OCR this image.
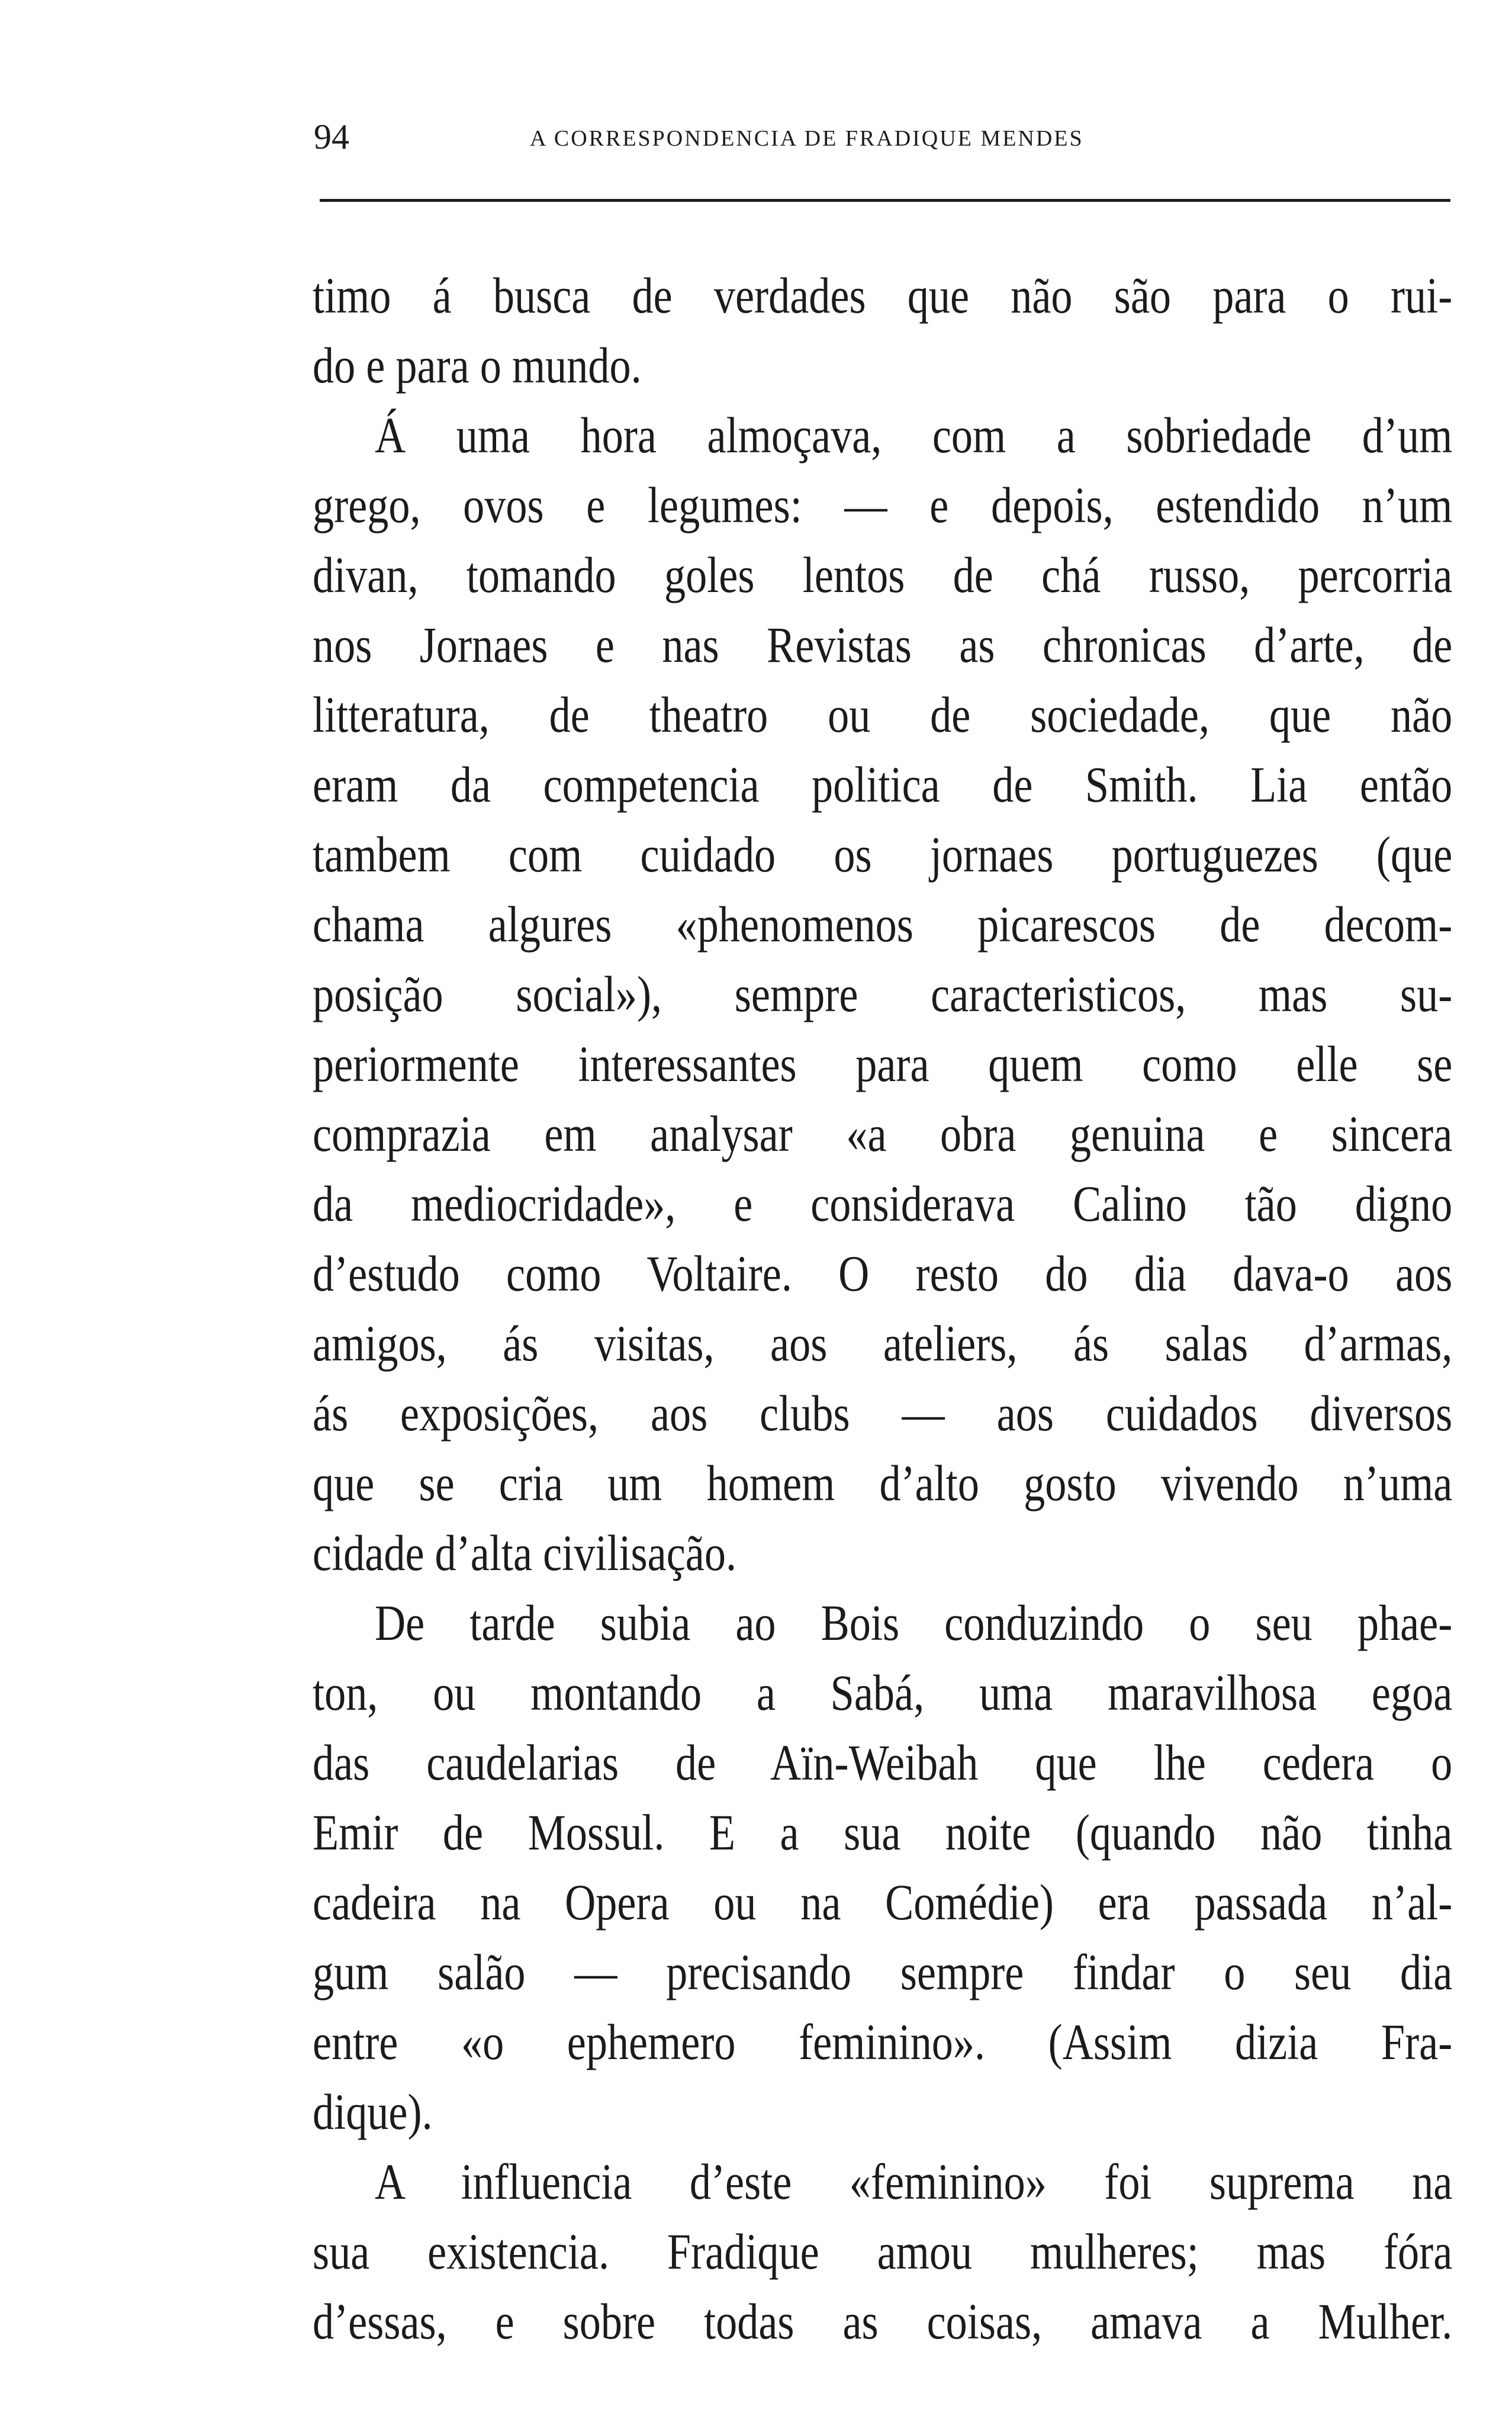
94	A CORRESPONDENCIA DE FRADIQUE MENDES
timo á busca de verdades que não são para o rui-
do e para o mundo.
Á uma hora almoçava, com a sobriedade d’um
grego, ovos e legumes: — e depois, estendido n’um
divan, tomando goles lentos de chá russo, percorria
nos Jornaes e nas Revistas as chronicas d’arte, de
litteratura, de theatro ou de sociedade, que não
eram da competencia politica de Smith. Lia então
tambem com cuidado os jornaes portuguezes (que
chama algures «phenomenos picarescos de decom-
posição social»), sempre caracteristicos, mas su-
periormente interessantes para quem como elle se
comprazia em analysar «a obra genuina e sincera
da mediocridade», e considerava Calino tão digno
d’estudo como Voltaire. O resto do dia dava-o aos
amigos, ás visitas, aos ateliers, ás salas d’armas,
ás exposições, aos clubs — aos cuidados diversos
que se cria um homem d’alto gosto vivendo n’uma
cidade d’alta civilisação.
De tarde subia ao Bois conduzindo o seu phae-
ton, ou montando a Sabá, uma maravilhosa egoa
das caudelarias de Aïn-Weibah que lhe cedera o
Emir de Mossul. E a sua noite (quando não tinha
cadeira na Opera ou na Comédie) era passada n’al-
gum salão — precisando sempre findar o seu dia
entre «o ephemero feminino». (Assim dizia Fra-
dique).
A influencia d’este «feminino» foi suprema na
sua existencia. Fradique amou mulheres; mas fóra
d’essas, e sobre todas as coisas, amava a Mulher.
